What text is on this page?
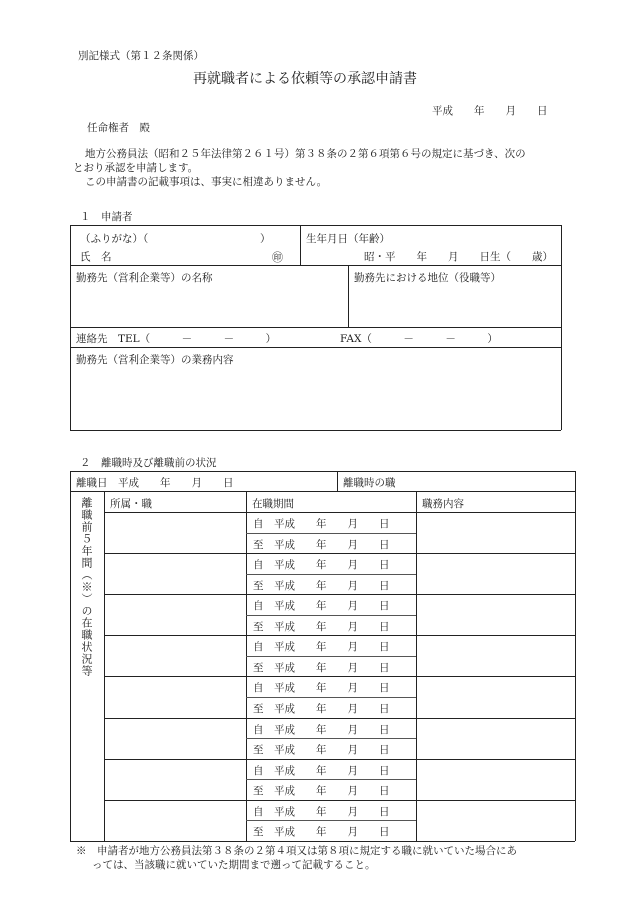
別記様式（第１２条関係）
再就職者による依頼等の承認申請書
平成　　年　　月　　日
任命権者　殿
地方公務員法（昭和２５年法律第２６１号）第３８条の２第６項第６号の規定に基づき、次の
とおり承認を申請します。
この申請書の記載事項は、事実に相違ありません。
１　申請者
（ふりがな）（	）
氏　名	㊞
生年月日（年齢）
昭・平　　年　　月　　日生（　　歳）
勤務先（営利企業等）の名称	勤務先における地位（役職等）
連絡先　TEL（　　　－　　　－　　　）	FAX（　　　－　　　－　　　）
勤務先（営利企業等）の業務内容
２　離職時及び離職前の状況
離職日　平成　　年　　月　　日	離職時の職
離職前５年間（※）の在職状況等 所属・職	在職期間	職務内容
自　平成　　年　　月　　日
至　平成　　年　　月　　日
自　平成　　年　　月　　日
至　平成　　年　　月　　日
自　平成　　年　　月　　日
至　平成　　年　　月　　日
自　平成　　年　　月　　日
至　平成　　年　　月　　日
自　平成　　年　　月　　日
至　平成　　年　　月　　日
自　平成　　年　　月　　日
至　平成　　年　　月　　日
自　平成　　年　　月　　日
至　平成　　年　　月　　日
自　平成　　年　　月　　日
至　平成　　年　　月　　日
※　申請者が地方公務員法第３８条の２第４項又は第８項に規定する職に就いていた場合にあ
っては、当該職に就いていた期間まで遡って記載すること。
